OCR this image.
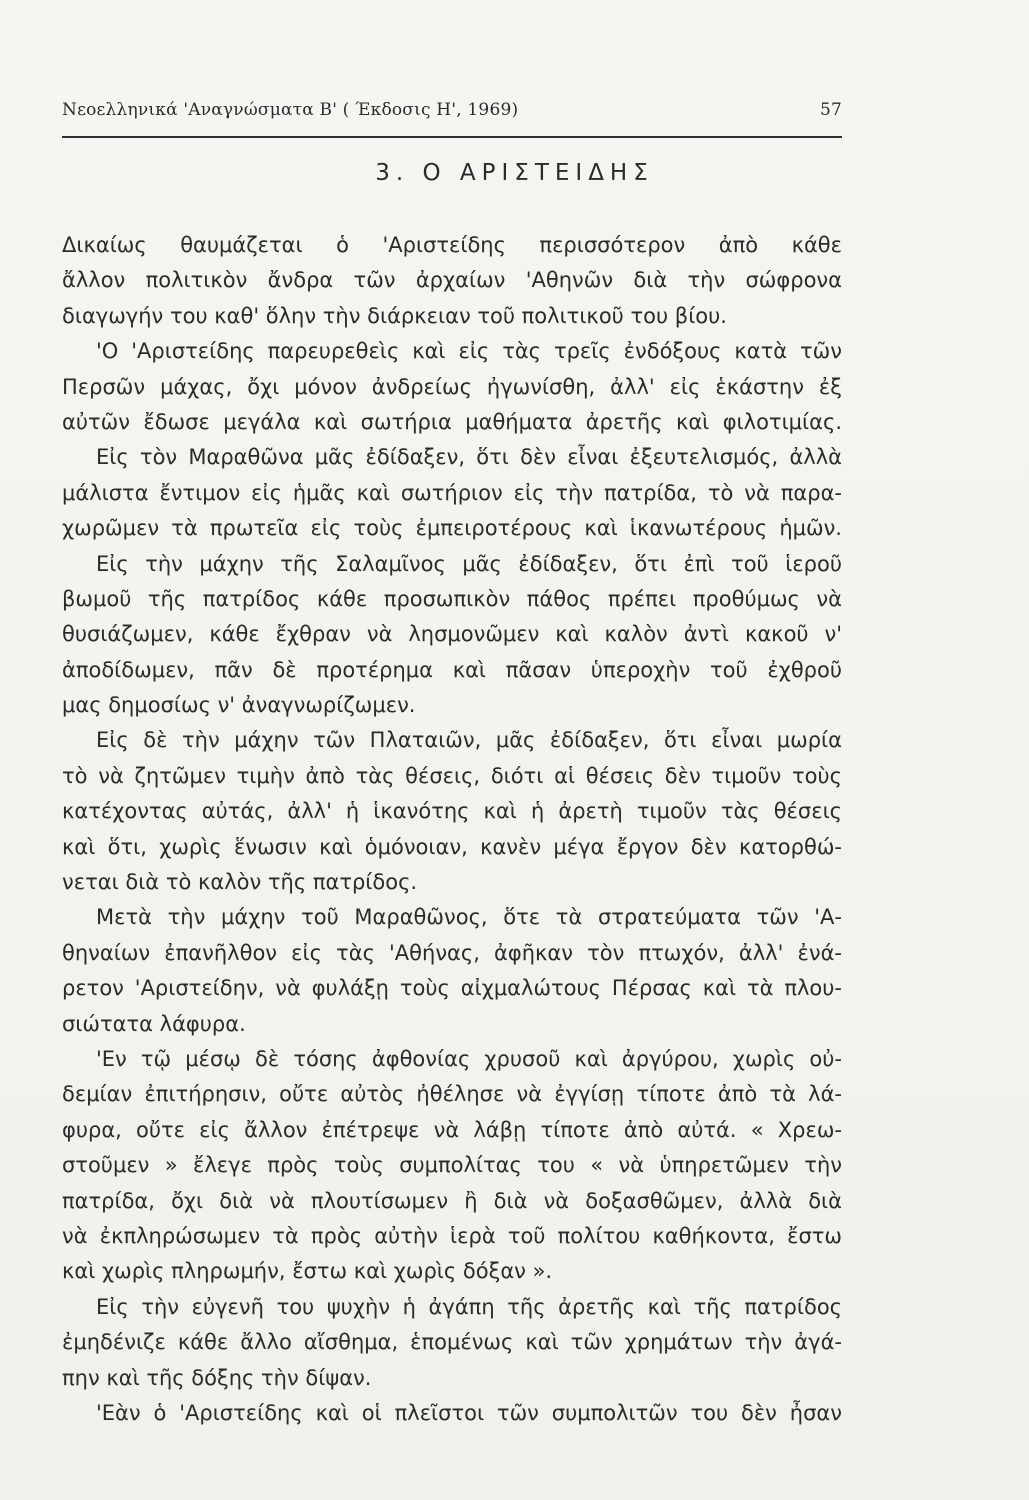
Νεοελληνικά 'Αναγνώσματα Β' ( Έκδοσις Η', 1969)	57
3. Ο ΑΡΙΣΤΕΙΔΗΣ
Δικαίως θαυμάζεται ὁ 'Αριστείδης περισσότερον ἀπὸ κάθε
ἄλλον πολιτικὸν ἄνδρα τῶν ἀρχαίων 'Αθηνῶν διὰ τὴν σώφρονα
διαγωγήν του καθ' ὅλην τὴν διάρκειαν τοῦ πολιτικοῦ του βίου.
'Ο 'Αριστείδης παρευρεθεὶς καὶ εἰς τὰς τρεῖς ἐνδόξους κατὰ τῶν
Περσῶν μάχας, ὄχι μόνον ἀνδρείως ἠγωνίσθη, ἀλλ' εἰς ἑκάστην ἐξ
αὐτῶν ἔδωσε μεγάλα καὶ σωτήρια μαθήματα ἀρετῆς καὶ φιλοτιμίας.
Εἰς τὸν Μαραθῶνα μᾶς ἐδίδαξεν, ὅτι δὲν εἶναι ἐξευτελισμός, ἀλλὰ
μάλιστα ἔντιμον εἰς ἡμᾶς καὶ σωτήριον εἰς τὴν πατρίδα, τὸ νὰ παρα-
χωρῶμεν τὰ πρωτεῖα εἰς τοὺς ἐμπειροτέρους καὶ ἱκανωτέρους ἡμῶν.
Εἰς τὴν μάχην τῆς Σαλαμῖνος μᾶς ἐδίδαξεν, ὅτι ἐπὶ τοῦ ἱεροῦ
βωμοῦ τῆς πατρίδος κάθε προσωπικὸν πάθος πρέπει προθύμως νὰ
θυσιάζωμεν, κάθε ἔχθραν νὰ λησμονῶμεν καὶ καλὸν ἀντὶ κακοῦ ν'
ἀποδίδωμεν, πᾶν δὲ προτέρημα καὶ πᾶσαν ὑπεροχὴν τοῦ ἐχθροῦ
μας δημοσίως ν' ἀναγνωρίζωμεν.
Εἰς δὲ τὴν μάχην τῶν Πλαταιῶν, μᾶς ἐδίδαξεν, ὅτι εἶναι μωρία
τὸ νὰ ζητῶμεν τιμὴν ἀπὸ τὰς θέσεις, διότι αἱ θέσεις δὲν τιμοῦν τοὺς
κατέχοντας αὐτάς, ἀλλ' ἡ ἱκανότης καὶ ἡ ἀρετὴ τιμοῦν τὰς θέσεις
καὶ ὅτι, χωρὶς ἕνωσιν καὶ ὁμόνοιαν, κανὲν μέγα ἔργον δὲν κατορθώ-
νεται διὰ τὸ καλὸν τῆς πατρίδος.
Μετὰ τὴν μάχην τοῦ Μαραθῶνος, ὅτε τὰ στρατεύματα τῶν 'Α-
θηναίων ἐπανῆλθον εἰς τὰς 'Αθήνας, ἀφῆκαν τὸν πτωχόν, ἀλλ' ἐνά-
ρετον 'Αριστείδην, νὰ φυλάξῃ τοὺς αἰχμαλώτους Πέρσας καὶ τὰ πλου-
σιώτατα λάφυρα.
'Εν τῷ μέσῳ δὲ τόσης ἀφθονίας χρυσοῦ καὶ ἀργύρου, χωρὶς οὐ-
δεμίαν ἐπιτήρησιν, οὔτε αὐτὸς ἠθέλησε νὰ ἐγγίσῃ τίποτε ἀπὸ τὰ λά-
φυρα, οὔτε εἰς ἄλλον ἐπέτρεψε νὰ λάβῃ τίποτε ἀπὸ αὐτά. « Χρεω-
στοῦμεν » ἔλεγε πρὸς τοὺς συμπολίτας του « νὰ ὑπηρετῶμεν τὴν
πατρίδα, ὄχι διὰ νὰ πλουτίσωμεν ἢ διὰ νὰ δοξασθῶμεν, ἀλλὰ διὰ
νὰ ἐκπληρώσωμεν τὰ πρὸς αὐτὴν ἱερὰ τοῦ πολίτου καθήκοντα, ἔστω
καὶ χωρὶς πληρωμήν, ἔστω καὶ χωρὶς δόξαν ».
Εἰς τὴν εὐγενῆ του ψυχὴν ἡ ἀγάπη τῆς ἀρετῆς καὶ τῆς πατρίδος
ἐμηδένιζε κάθε ἄλλο αἴσθημα, ἑπομένως καὶ τῶν χρημάτων τὴν ἀγά-
πην καὶ τῆς δόξης τὴν δίψαν.
'Εὰν ὁ 'Αριστείδης καὶ οἱ πλεῖστοι τῶν συμπολιτῶν του δὲν ἦσαν
